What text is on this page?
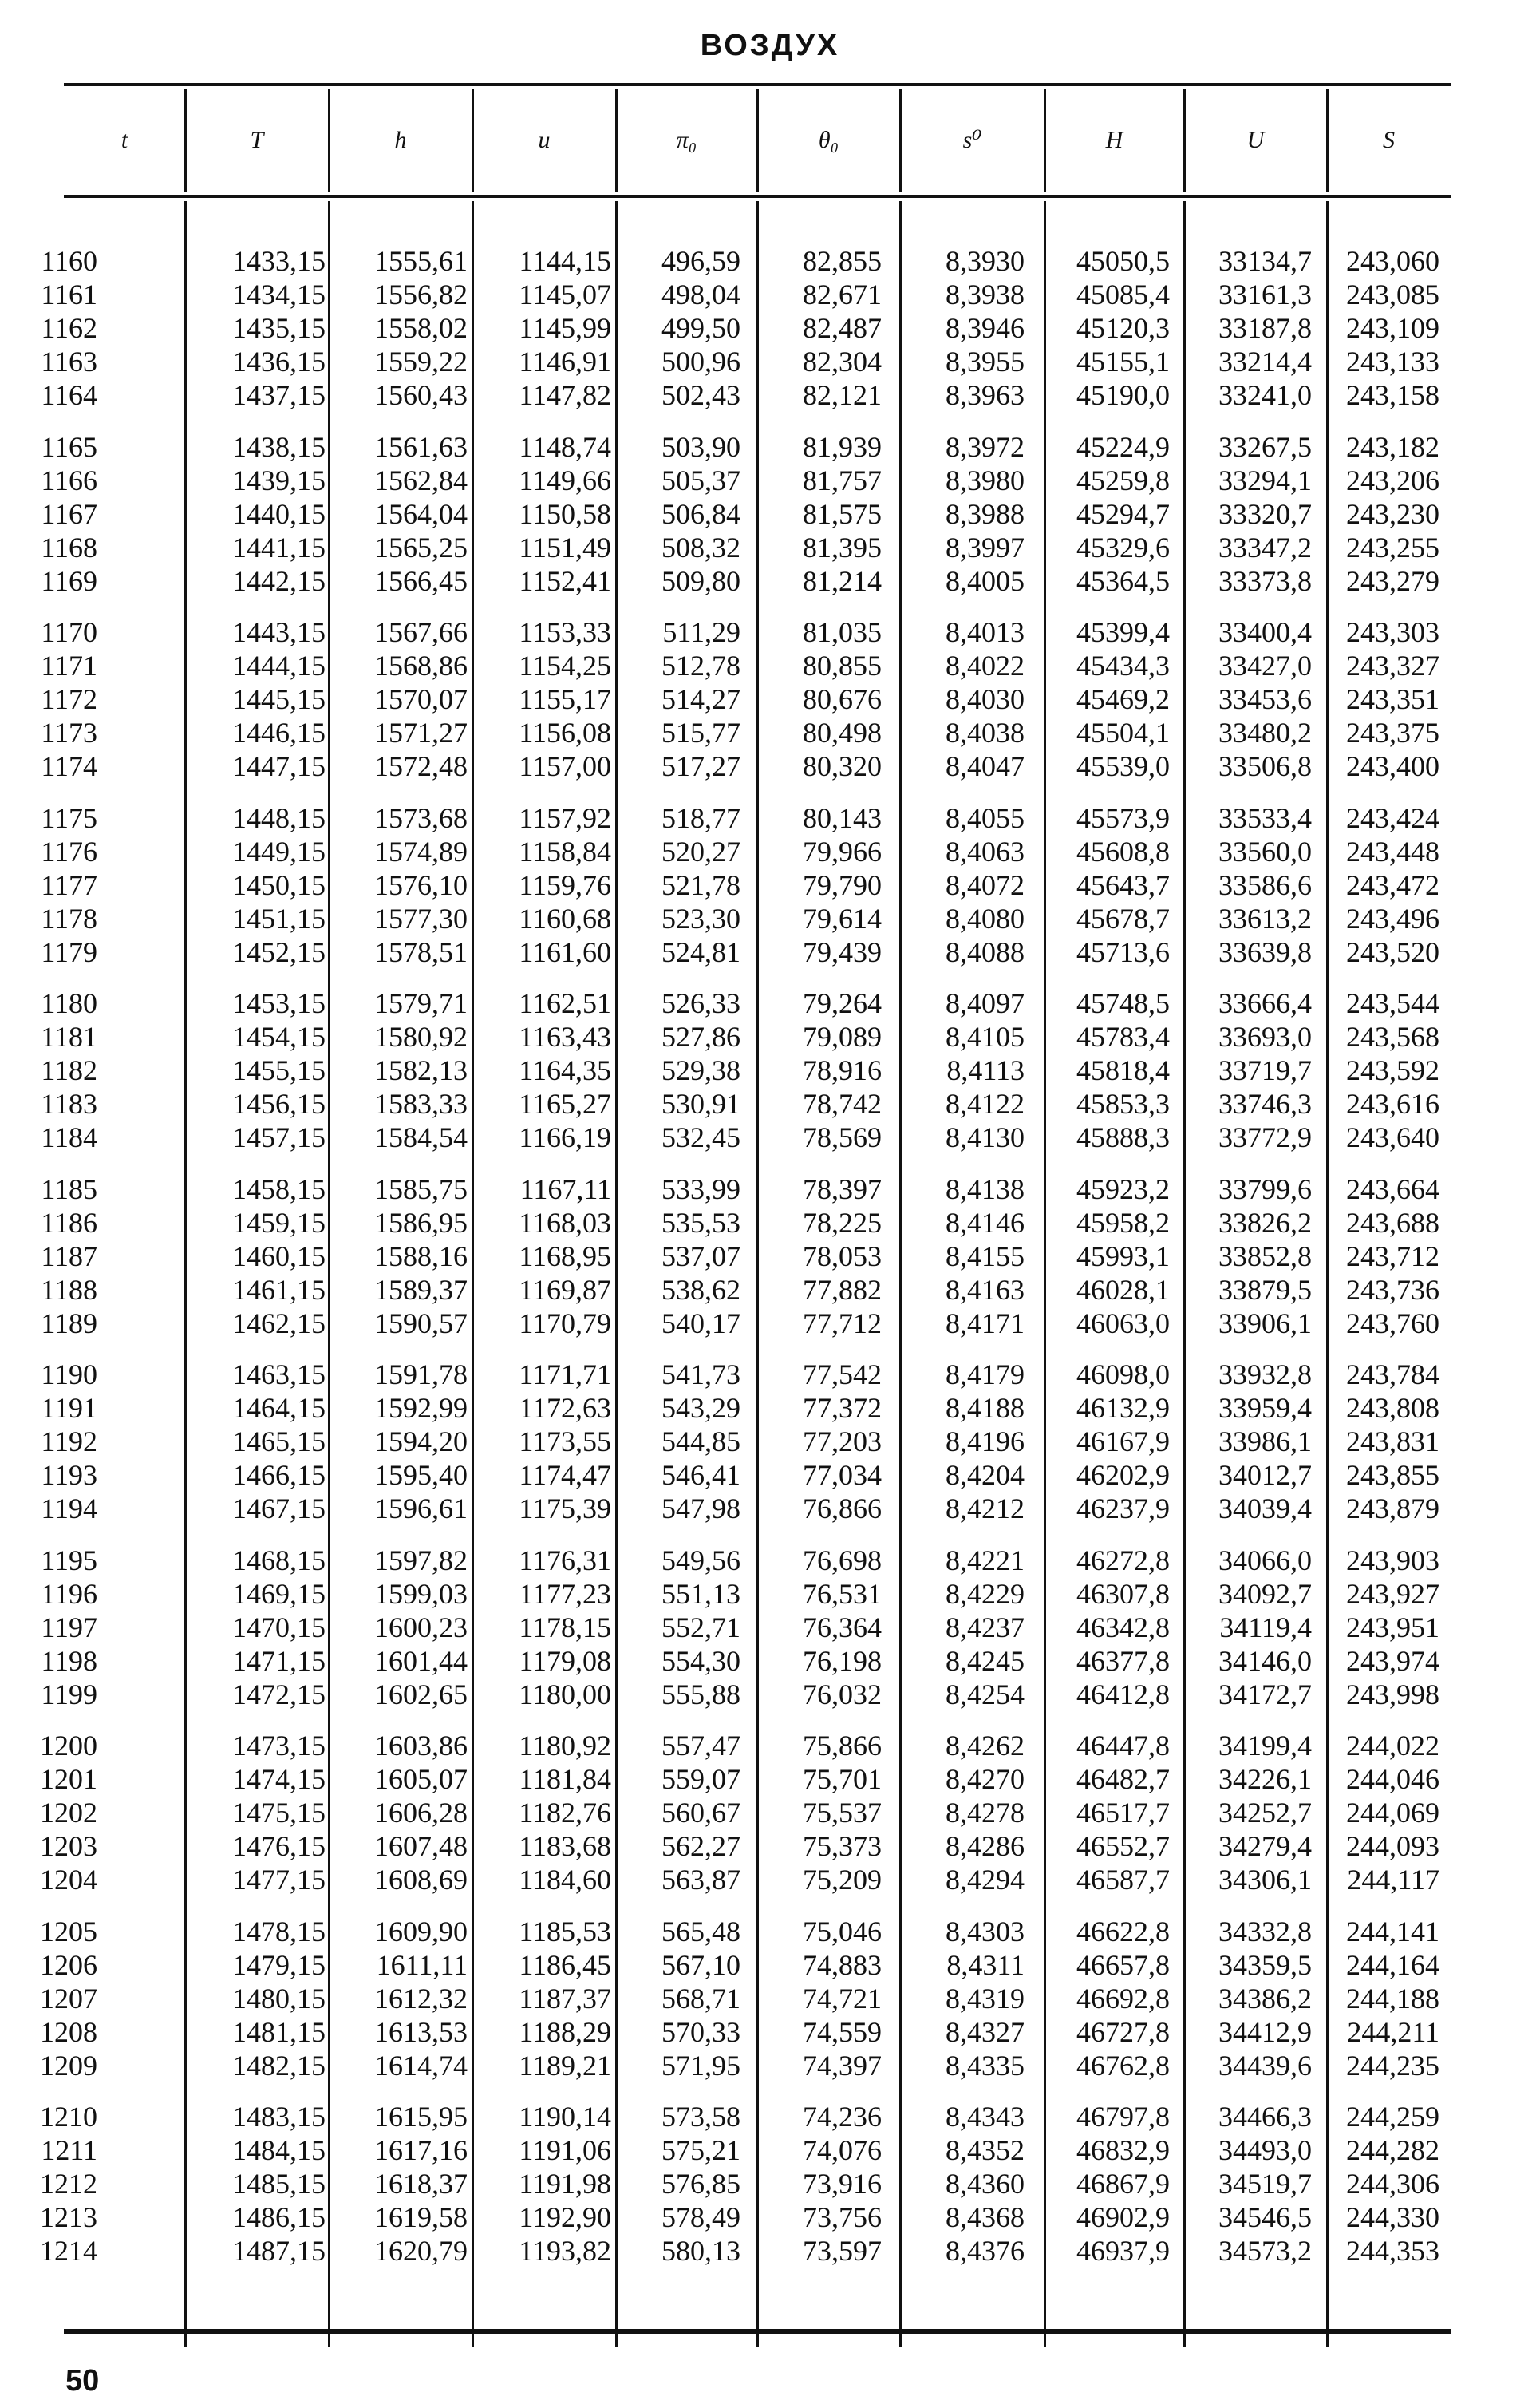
ВОЗДУХ
t	T	h	u	π₀	θ₀	s⁰	H	U	S
1160	1433,15 1555,61 1144,15 496,59 82,855 8,3930 45050,5 33134,7 243,060
1161	1434,15 1556,82 1145,07 498,04 82,671 8,3938 45085,4 33161,3 243,085
1162	1435,15 1558,02 1145,99 499,50 82,487 8,3946 45120,3 33187,8 243,109
1163	1436,15 1559,22 1146,91 500,96 82,304 8,3955 45155,1 33214,4 243,133
1164	1437,15 1560,43 1147,82 502,43 82,121 8,3963 45190,0 33241,0 243,158
1165	1438,15 1561,63 1148,74 503,90 81,939 8,3972 45224,9 33267,5 243,182
1166	1439,15 1562,84 1149,66 505,37 81,757 8,3980 45259,8 33294,1 243,206
1167	1440,15 1564,04 1150,58 506,84 81,575 8,3988 45294,7 33320,7 243,230
1168	1441,15 1565,25 1151,49 508,32 81,395 8,3997 45329,6 33347,2 243,255
1169	1442,15 1566,45 1152,41 509,80 81,214 8,4005 45364,5 33373,8 243,279
1170	1443,15 1567,66 1153,33 511,29 81,035 8,4013 45399,4 33400,4 243,303
1171	1444,15 1568,86 1154,25 512,78 80,855 8,4022 45434,3 33427,0 243,327
1172	1445,15 1570,07 1155,17 514,27 80,676 8,4030 45469,2 33453,6 243,351
1173	1446,15 1571,27 1156,08 515,77 80,498 8,4038 45504,1 33480,2 243,375
1174	1447,15 1572,48 1157,00 517,27 80,320 8,4047 45539,0 33506,8 243,400
1175	1448,15 1573,68 1157,92 518,77 80,143 8,4055 45573,9 33533,4 243,424
1176	1449,15 1574,89 1158,84 520,27 79,966 8,4063 45608,8 33560,0 243,448
1177	1450,15 1576,10 1159,76 521,78 79,790 8,4072 45643,7 33586,6 243,472
1178	1451,15 1577,30 1160,68 523,30 79,614 8,4080 45678,7 33613,2 243,496
1179	1452,15 1578,51 1161,60 524,81 79,439 8,4088 45713,6 33639,8 243,520
1180	1453,15 1579,71 1162,51 526,33 79,264 8,4097 45748,5 33666,4 243,544
1181	1454,15 1580,92 1163,43 527,86 79,089 8,4105 45783,4 33693,0 243,568
1182	1455,15 1582,13 1164,35 529,38 78,916 8,4113 45818,4 33719,7 243,592
1183	1456,15 1583,33 1165,27 530,91 78,742 8,4122 45853,3 33746,3 243,616
1184	1457,15 1584,54 1166,19 532,45 78,569 8,4130 45888,3 33772,9 243,640
1185	1458,15 1585,75 1167,11 533,99 78,397 8,4138 45923,2 33799,6 243,664
1186	1459,15 1586,95 1168,03 535,53 78,225 8,4146 45958,2 33826,2 243,688
1187	1460,15 1588,16 1168,95 537,07 78,053 8,4155 45993,1 33852,8 243,712
1188	1461,15 1589,37 1169,87 538,62 77,882 8,4163 46028,1 33879,5 243,736
1189	1462,15 1590,57 1170,79 540,17 77,712 8,4171 46063,0 33906,1 243,760
1190	1463,15 1591,78 1171,71 541,73 77,542 8,4179 46098,0 33932,8 243,784
1191	1464,15 1592,99 1172,63 543,29 77,372 8,4188 46132,9 33959,4 243,808
1192	1465,15 1594,20 1173,55 544,85 77,203 8,4196 46167,9 33986,1 243,831
1193	1466,15 1595,40 1174,47 546,41 77,034 8,4204 46202,9 34012,7 243,855
1194	1467,15 1596,61 1175,39 547,98 76,866 8,4212 46237,9 34039,4 243,879
1195	1468,15 1597,82 1176,31 549,56 76,698 8,4221 46272,8 34066,0 243,903
1196	1469,15 1599,03 1177,23 551,13 76,531 8,4229 46307,8 34092,7 243,927
1197	1470,15 1600,23 1178,15 552,71 76,364 8,4237 46342,8 34119,4 243,951
1198	1471,15 1601,44 1179,08 554,30 76,198 8,4245 46377,8 34146,0 243,974
1199	1472,15 1602,65 1180,00 555,88 76,032 8,4254 46412,8 34172,7 243,998
1200	1473,15 1603,86 1180,92 557,47 75,866 8,4262 46447,8 34199,4 244,022
1201	1474,15 1605,07 1181,84 559,07 75,701 8,4270 46482,7 34226,1 244,046
1202	1475,15 1606,28 1182,76 560,67 75,537 8,4278 46517,7 34252,7 244,069
1203	1476,15 1607,48 1183,68 562,27 75,373 8,4286 46552,7 34279,4 244,093
1204	1477,15 1608,69 1184,60 563,87 75,209 8,4294 46587,7 34306,1 244,117
1205	1478,15 1609,90 1185,53 565,48 75,046 8,4303 46622,8 34332,8 244,141
1206	1479,15 1611,11 1186,45 567,10 74,883 8,4311 46657,8 34359,5 244,164
1207	1480,15 1612,32 1187,37 568,71 74,721 8,4319 46692,8 34386,2 244,188
1208	1481,15 1613,53 1188,29 570,33 74,559 8,4327 46727,8 34412,9 244,211
1209	1482,15 1614,74 1189,21 571,95 74,397 8,4335 46762,8 34439,6 244,235
1210	1483,15 1615,95 1190,14 573,58 74,236 8,4343 46797,8 34466,3 244,259
1211	1484,15 1617,16 1191,06 575,21 74,076 8,4352 46832,9 34493,0 244,282
1212	1485,15 1618,37 1191,98 576,85 73,916 8,4360 46867,9 34519,7 244,306
1213	1486,15 1619,58 1192,90 578,49 73,756 8,4368 46902,9 34546,5 244,330
1214	1487,15 1620,79 1193,82 580,13 73,597 8,4376 46937,9 34573,2 244,353
50
